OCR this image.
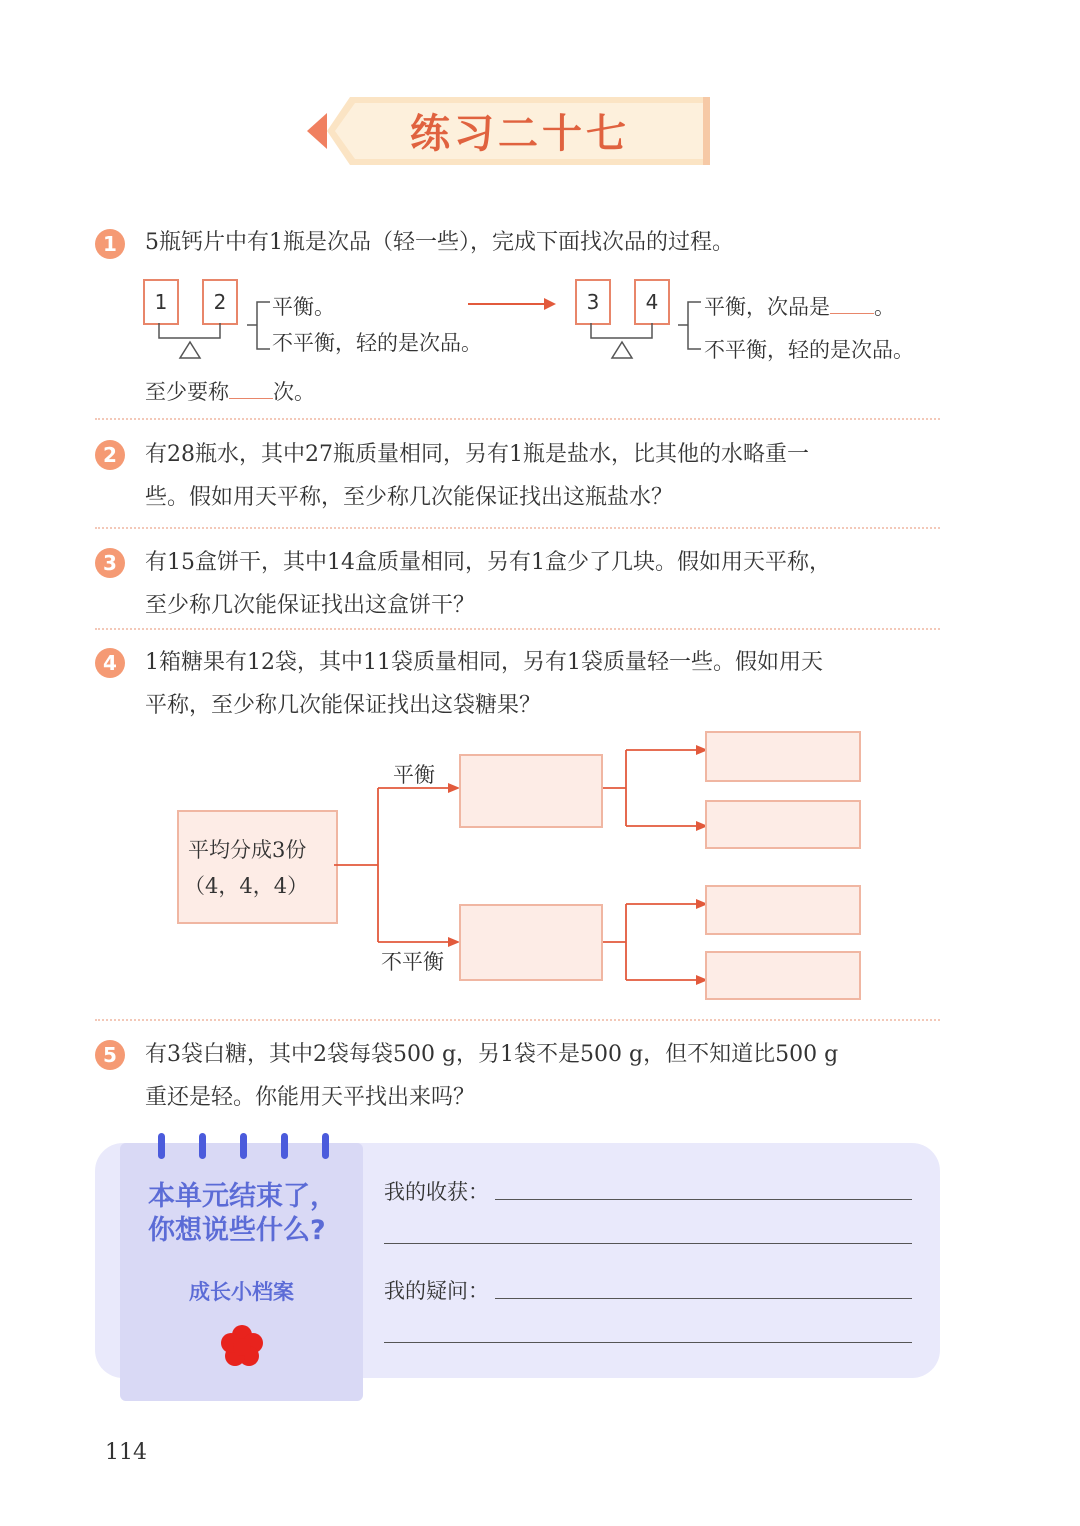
练习二十七
1	5瓶钙片中有1瓶是次品（轻一些），完成下面找次品的过程。
1	2	平衡。
不平衡，轻的是次品。
3	4	平衡，次品是 。
不平衡，轻的是次品。
至少要称 次。
2	有28瓶水，其中27瓶质量相同，另有1瓶是盐水，比其他的水略重一
些。假如用天平称，至少称几次能保证找出这瓶盐水？
3	有15盒饼干，其中14盒质量相同，另有1盒少了几块。假如用天平称，
至少称几次能保证找出这盒饼干？
4	1箱糖果有12袋，其中11袋质量相同，另有1袋质量轻一些。假如用天
平称，至少称几次能保证找出这袋糖果？
平均分成3份
（4，4，4）
平衡
不平衡
5	有3袋白糖，其中2袋每袋500 g，另1袋不是500 g，但不知道比500 g
重还是轻。你能用天平找出来吗？
本单元结束了，
你想说些什么?
成长小档案
我的收获：
我的疑问：
114
